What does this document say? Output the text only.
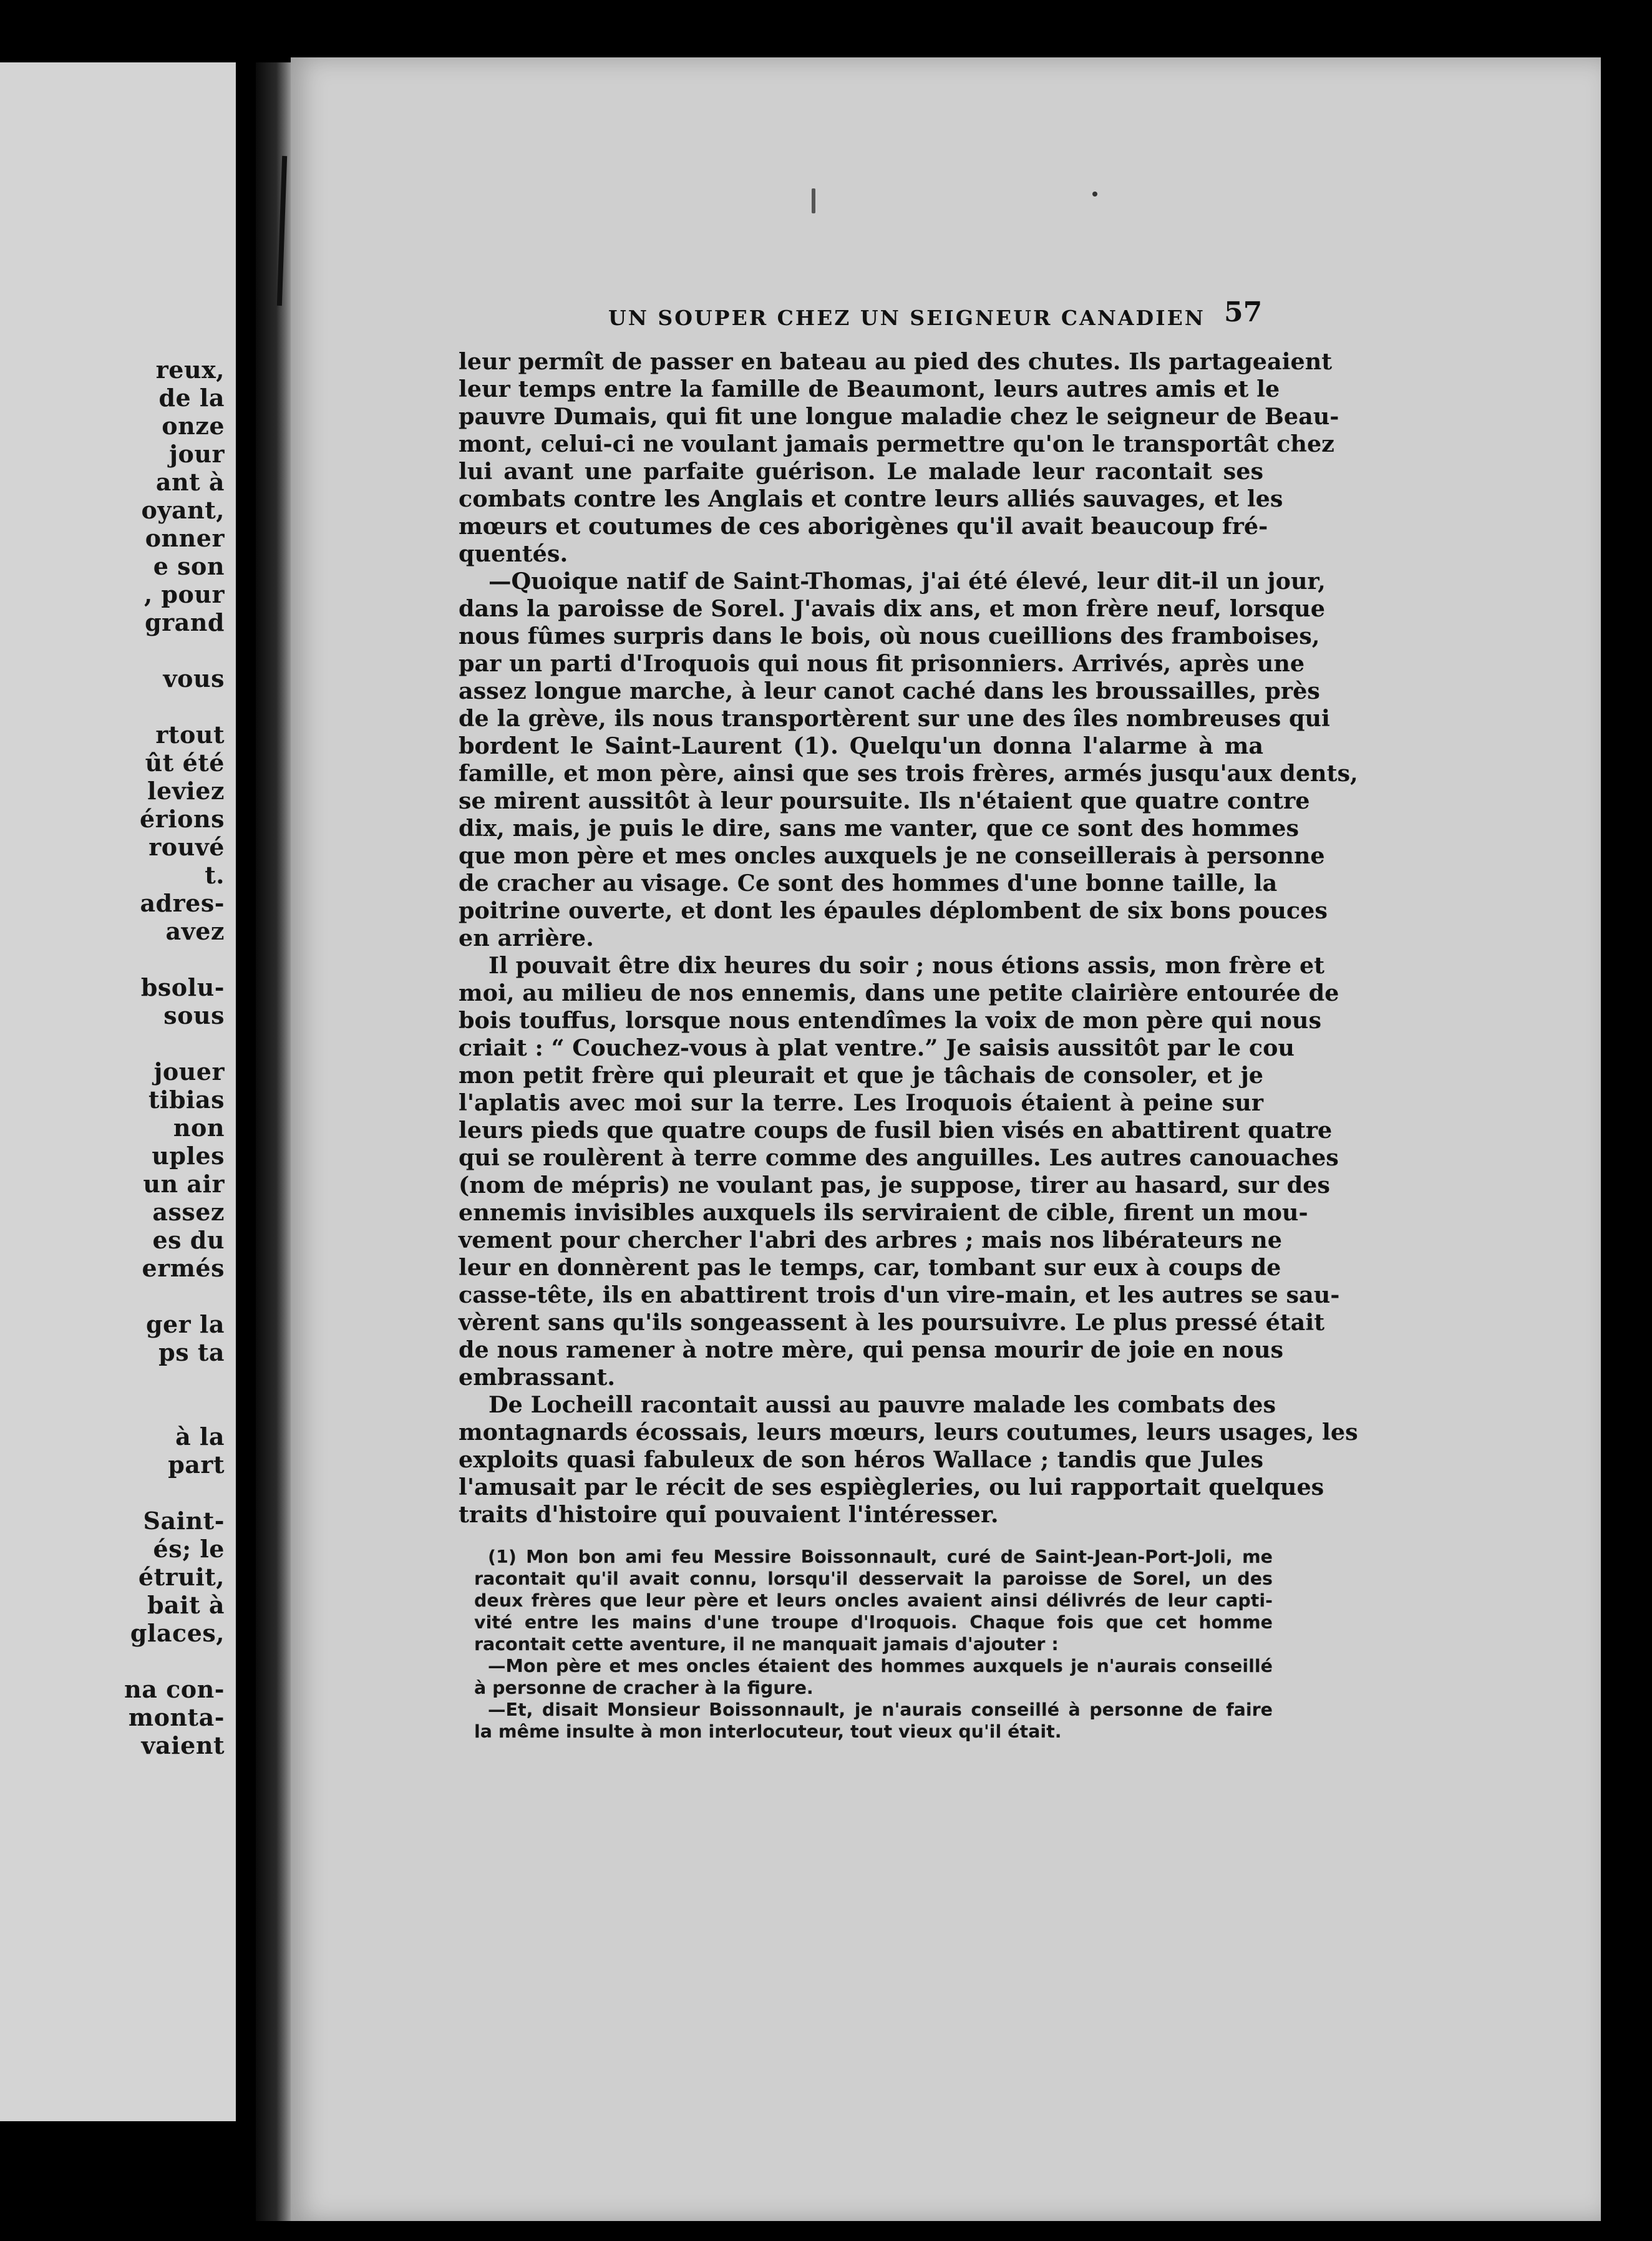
reux,
de la
onze
jour
ant à
oyant,
onner
e son
, pour
grand
vous
rtout
ût été
leviez
érions
rouvé
t.
adres-
avez
bsolu-
sous
jouer
tibias
non
uples
un air
assez
es du
ermés
ger la
ps ta
à la
part
Saint-
és; le
étruit,
bait à
glaces,
na con-
monta-
vaient
UN SOUPER CHEZ UN SEIGNEUR CANADIEN 57
leur permît de passer en bateau au pied des chutes. Ils partageaient
leur temps entre la famille de Beaumont, leurs autres amis et le
pauvre Dumais, qui fit une longue maladie chez le seigneur de Beau-
mont, celui-ci ne voulant jamais permettre qu'on le transportât chez
lui avant une parfaite guérison. Le malade leur racontait ses
combats contre les Anglais et contre leurs alliés sauvages, et les
mœurs et coutumes de ces aborigènes qu'il avait beaucoup fré-
quentés.
—Quoique natif de Saint-Thomas, j'ai été élevé, leur dit-il un jour,
dans la paroisse de Sorel. J'avais dix ans, et mon frère neuf, lorsque
nous fûmes surpris dans le bois, où nous cueillions des framboises,
par un parti d'Iroquois qui nous fit prisonniers. Arrivés, après une
assez longue marche, à leur canot caché dans les broussailles, près
de la grève, ils nous transportèrent sur une des îles nombreuses qui
bordent le Saint-Laurent (1). Quelqu'un donna l'alarme à ma
famille, et mon père, ainsi que ses trois frères, armés jusqu'aux dents,
se mirent aussitôt à leur poursuite. Ils n'étaient que quatre contre
dix, mais, je puis le dire, sans me vanter, que ce sont des hommes
que mon père et mes oncles auxquels je ne conseillerais à personne
de cracher au visage. Ce sont des hommes d'une bonne taille, la
poitrine ouverte, et dont les épaules déplombent de six bons pouces
en arrière.
Il pouvait être dix heures du soir ; nous étions assis, mon frère et
moi, au milieu de nos ennemis, dans une petite clairière entourée de
bois touffus, lorsque nous entendîmes la voix de mon père qui nous
criait : “ Couchez-vous à plat ventre.” Je saisis aussitôt par le cou
mon petit frère qui pleurait et que je tâchais de consoler, et je
l'aplatis avec moi sur la terre. Les Iroquois étaient à peine sur
leurs pieds que quatre coups de fusil bien visés en abattirent quatre
qui se roulèrent à terre comme des anguilles. Les autres canouaches
(nom de mépris) ne voulant pas, je suppose, tirer au hasard, sur des
ennemis invisibles auxquels ils serviraient de cible, firent un mou-
vement pour chercher l'abri des arbres ; mais nos libérateurs ne
leur en donnèrent pas le temps, car, tombant sur eux à coups de
casse-tête, ils en abattirent trois d'un vire-main, et les autres se sau-
vèrent sans qu'ils songeassent à les poursuivre. Le plus pressé était
de nous ramener à notre mère, qui pensa mourir de joie en nous
embrassant.
De Locheill racontait aussi au pauvre malade les combats des
montagnards écossais, leurs mœurs, leurs coutumes, leurs usages, les
exploits quasi fabuleux de son héros Wallace ; tandis que Jules
l'amusait par le récit de ses espiègleries, ou lui rapportait quelques
traits d'histoire qui pouvaient l'intéresser.
(1) Mon bon ami feu Messire Boissonnault, curé de Saint-Jean-Port-Joli, me
racontait qu'il avait connu, lorsqu'il desservait la paroisse de Sorel, un des
deux frères que leur père et leurs oncles avaient ainsi délivrés de leur capti-
vité entre les mains d'une troupe d'Iroquois. Chaque fois que cet homme
racontait cette aventure, il ne manquait jamais d'ajouter :
—Mon père et mes oncles étaient des hommes auxquels je n'aurais conseillé
à personne de cracher à la figure.
—Et, disait Monsieur Boissonnault, je n'aurais conseillé à personne de faire
la même insulte à mon interlocuteur, tout vieux qu'il était.
